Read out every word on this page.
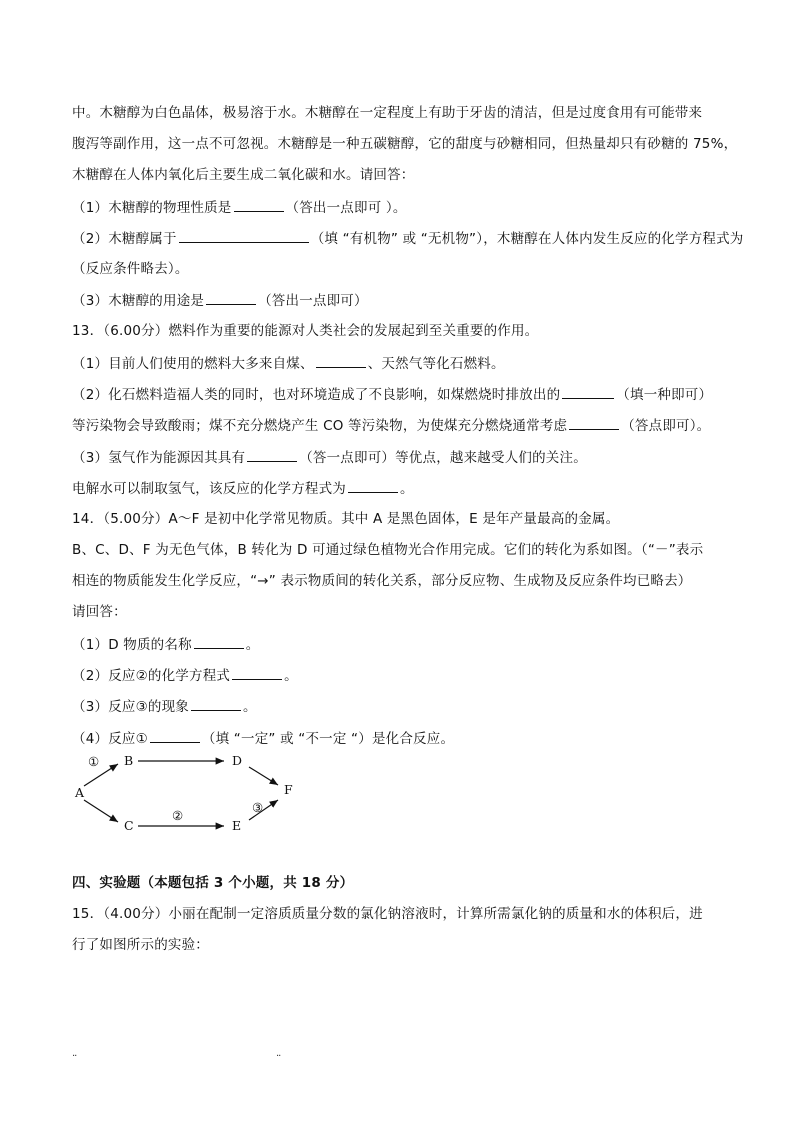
中。木糖醇为白色晶体，极易溶于水。木糖醇在一定程度上有助于牙齿的清洁，但是过度食用有可能带来
腹泻等副作用，这一点不可忽视。木糖醇是一种五碳糖醇，它的甜度与砂糖相同，但热量却只有砂糖的 75%，
木糖醇在人体内氧化后主要生成二氧化碳和水。请回答：
（1）木糖醇的物理性质是	（答出一点即可 ）。
（2）木糖醇属于	（填 “有机物” 或 “无机物”），木糖醇在人体内发生反应的化学方程式为
（反应条件略去）。
（3）木糖醇的用途是	（答出一点即可）
13．（6.00分）燃料作为重要的能源对人类社会的发展起到至关重要的作用。
（1）目前人们使用的燃料大多来自煤、	、天然气等化石燃料。
（2）化石燃料造福人类的同时，也对环境造成了不良影响，如煤燃烧时排放出的	（填一种即可）
等污染物会导致酸雨；煤不充分燃烧产生 CO 等污染物，为使煤充分燃烧通常考虑	（答点即可）。
（3）氢气作为能源因其具有	（答一点即可）等优点，越来越受人们的关注。
电解水可以制取氢气，该反应的化学方程式为	。
14．（5.00分）A～F 是初中化学常见物质。其中 A 是黑色固体，E 是年产量最高的金属。
B、C、D、F 为无色气体，B 转化为 D 可通过绿色植物光合作用完成。它们的转化为系如图。（“－”表示
相连的物质能发生化学反应，“→” 表示物质间的转化关系，部分反应物、生成物及反应条件均已略去）
请回答：
（1）D 物质的名称	。
（2）反应②的化学方程式	。
（3）反应③的现象	。
（4）反应①	（填 “一定” 或 “不一定 “）是化合反应。
A
B
C
D
E
F
①
②
③
四、实验题（本题包括 3 个小题，共 18 分）
15．（4.00分）小丽在配制一定溶质质量分数的氯化钠溶液时，计算所需氯化钠的质量和水的体积后，进
行了如图所示的实验：
..	..
